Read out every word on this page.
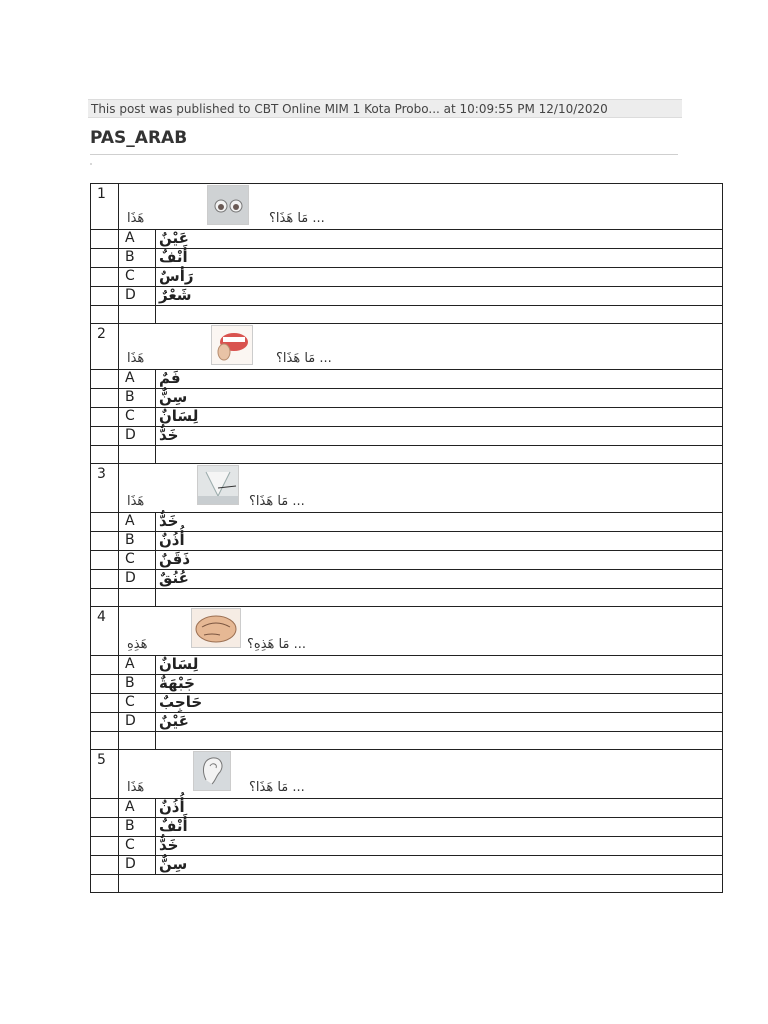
This post was published to CBT Online MIM 1 Kota Probo... at 10:09:55 PM 12/10/2020
PAS_ARAB
1	هَذَا مَا هَذَا؟ ...	

	A	عَيْنٌ
	B	أَنْفٌ
	C	رَأسٌ
	D	شَعْرٌ

2	هَذَا مَا هَذَا؟ ...	

	A	فَمٌ
	B	سِنٌّ
	C	لِسَانٌ
	D	خَدٌّ

3	هَذَا مَا هَذَا؟ ...	

	A	خَدٌّ
	B	أُذُنٌ
	C	ذَقَنٌ
	D	عُنُقٌ

4	هَذِهِ مَا هَذِهِ؟ ...	

	A	لِسَانٌ
	B	جَبْهَةٌ
	C	حَاجِبٌ
	D	عَيْنٌ

5	هَذَا مَا هَذَا؟ ...	

	A	أُذُنٌ
	B	أَنْفٌ
	C	خَدٌّ
	D	سِنٌّ
